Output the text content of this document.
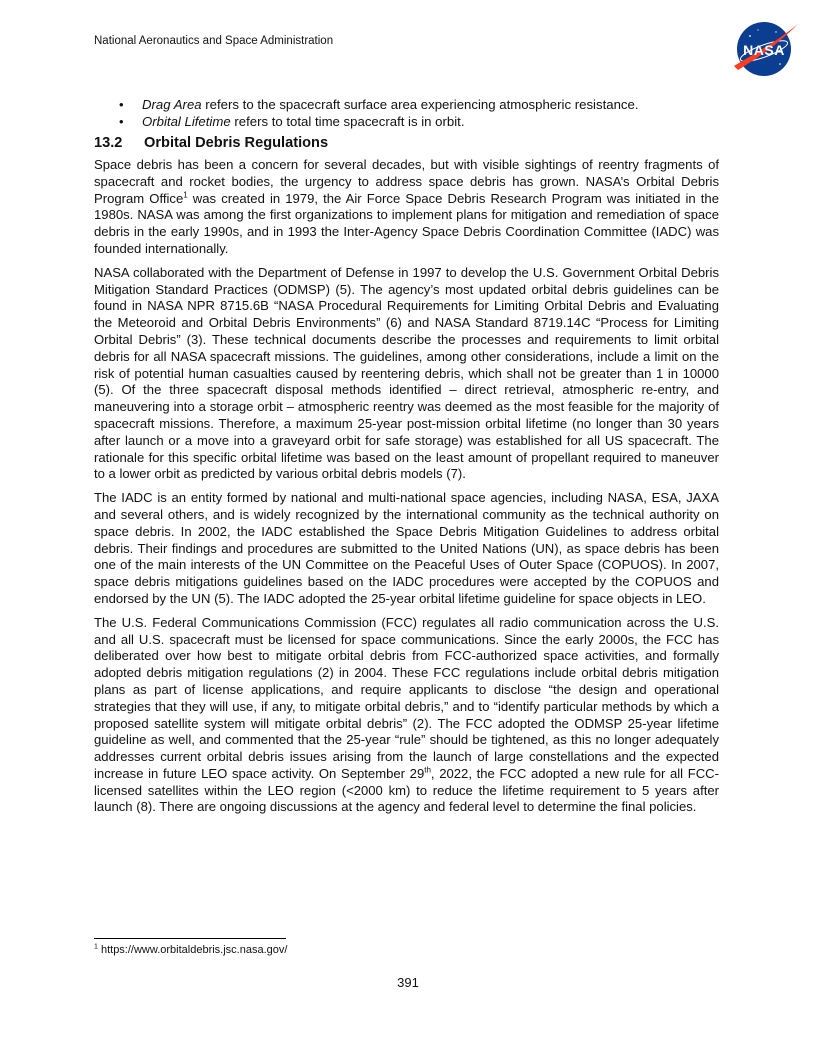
National Aeronautics and Space Administration
NASA
• Drag Area refers to the spacecraft surface area experiencing atmospheric resistance.
• Orbital Lifetime refers to total time spacecraft is in orbit.
13.2 Orbital Debris Regulations

Space debris has been a concern for several decades, but with visible sightings of reentry fragments of spacecraft and rocket bodies, the urgency to address space debris has grown. NASA’s Orbital Debris Program Office$^1$ was created in 1979, the Air Force Space Debris Research Program was initiated in the 1980s. NASA was among the first organizations to implement plans for mitigation and remediation of space debris in the early 1990s, and in 1993 the Inter-Agency Space Debris Coordination Committee (IADC) was founded internationally.

NASA collaborated with the Department of Defense in 1997 to develop the U.S. Government Orbital Debris Mitigation Standard Practices (ODMSP) (5). The agency’s most updated orbital debris guidelines can be found in NASA NPR 8715.6B “NASA Procedural Requirements for Limiting Orbital Debris and Evaluating the Meteoroid and Orbital Debris Environments” (6) and NASA Standard 8719.14C “Process for Limiting Orbital Debris” (3). These technical documents describe the processes and requirements to limit orbital debris for all NASA spacecraft missions. The guidelines, among other considerations, include a limit on the risk of potential human casualties caused by reentering debris, which shall not be greater than 1 in 10000 (5). Of the three spacecraft disposal methods identified – direct retrieval, atmospheric re-entry, and maneuvering into a storage orbit – atmospheric reentry was deemed as the most feasible for the majority of spacecraft missions. Therefore, a maximum 25-year post-mission orbital lifetime (no longer than 30 years after launch or a move into a graveyard orbit for safe storage) was established for all US spacecraft. The rationale for this specific orbital lifetime was based on the least amount of propellant required to maneuver to a lower orbit as predicted by various orbital debris models (7).

The IADC is an entity formed by national and multi-national space agencies, including NASA, ESA, JAXA and several others, and is widely recognized by the international community as the technical authority on space debris. In 2002, the IADC established the Space Debris Mitigation Guidelines to address orbital debris. Their findings and procedures are submitted to the United Nations (UN), as space debris has been one of the main interests of the UN Committee on the Peaceful Uses of Outer Space (COPUOS). In 2007, space debris mitigations guidelines based on the IADC procedures were accepted by the COPUOS and endorsed by the UN (5). The IADC adopted the 25-year orbital lifetime guideline for space objects in LEO.

The U.S. Federal Communications Commission (FCC) regulates all radio communication across the U.S. and all U.S. spacecraft must be licensed for space communications. Since the early 2000s, the FCC has deliberated over how best to mitigate orbital debris from FCC-authorized space activities, and formally adopted debris mitigation regulations (2) in 2004. These FCC regulations include orbital debris mitigation plans as part of license applications, and require applicants to disclose “the design and operational strategies that they will use, if any, to mitigate orbital debris,” and to “identify particular methods by which a proposed satellite system will mitigate orbital debris” (2). The FCC adopted the ODMSP 25-year lifetime guideline as well, and commented that the 25-year “rule” should be tightened, as this no longer adequately addresses current orbital debris issues arising from the launch of large constellations and the expected increase in future LEO space activity. On September 29th, 2022, the FCC adopted a new rule for all FCC-licensed satellites within the LEO region (<2000 km) to reduce the lifetime requirement to 5 years after launch (8). There are ongoing discussions at the agency and federal level to determine the final policies.

$^1$ https://www.orbitaldebris.jsc.nasa.gov/
391
